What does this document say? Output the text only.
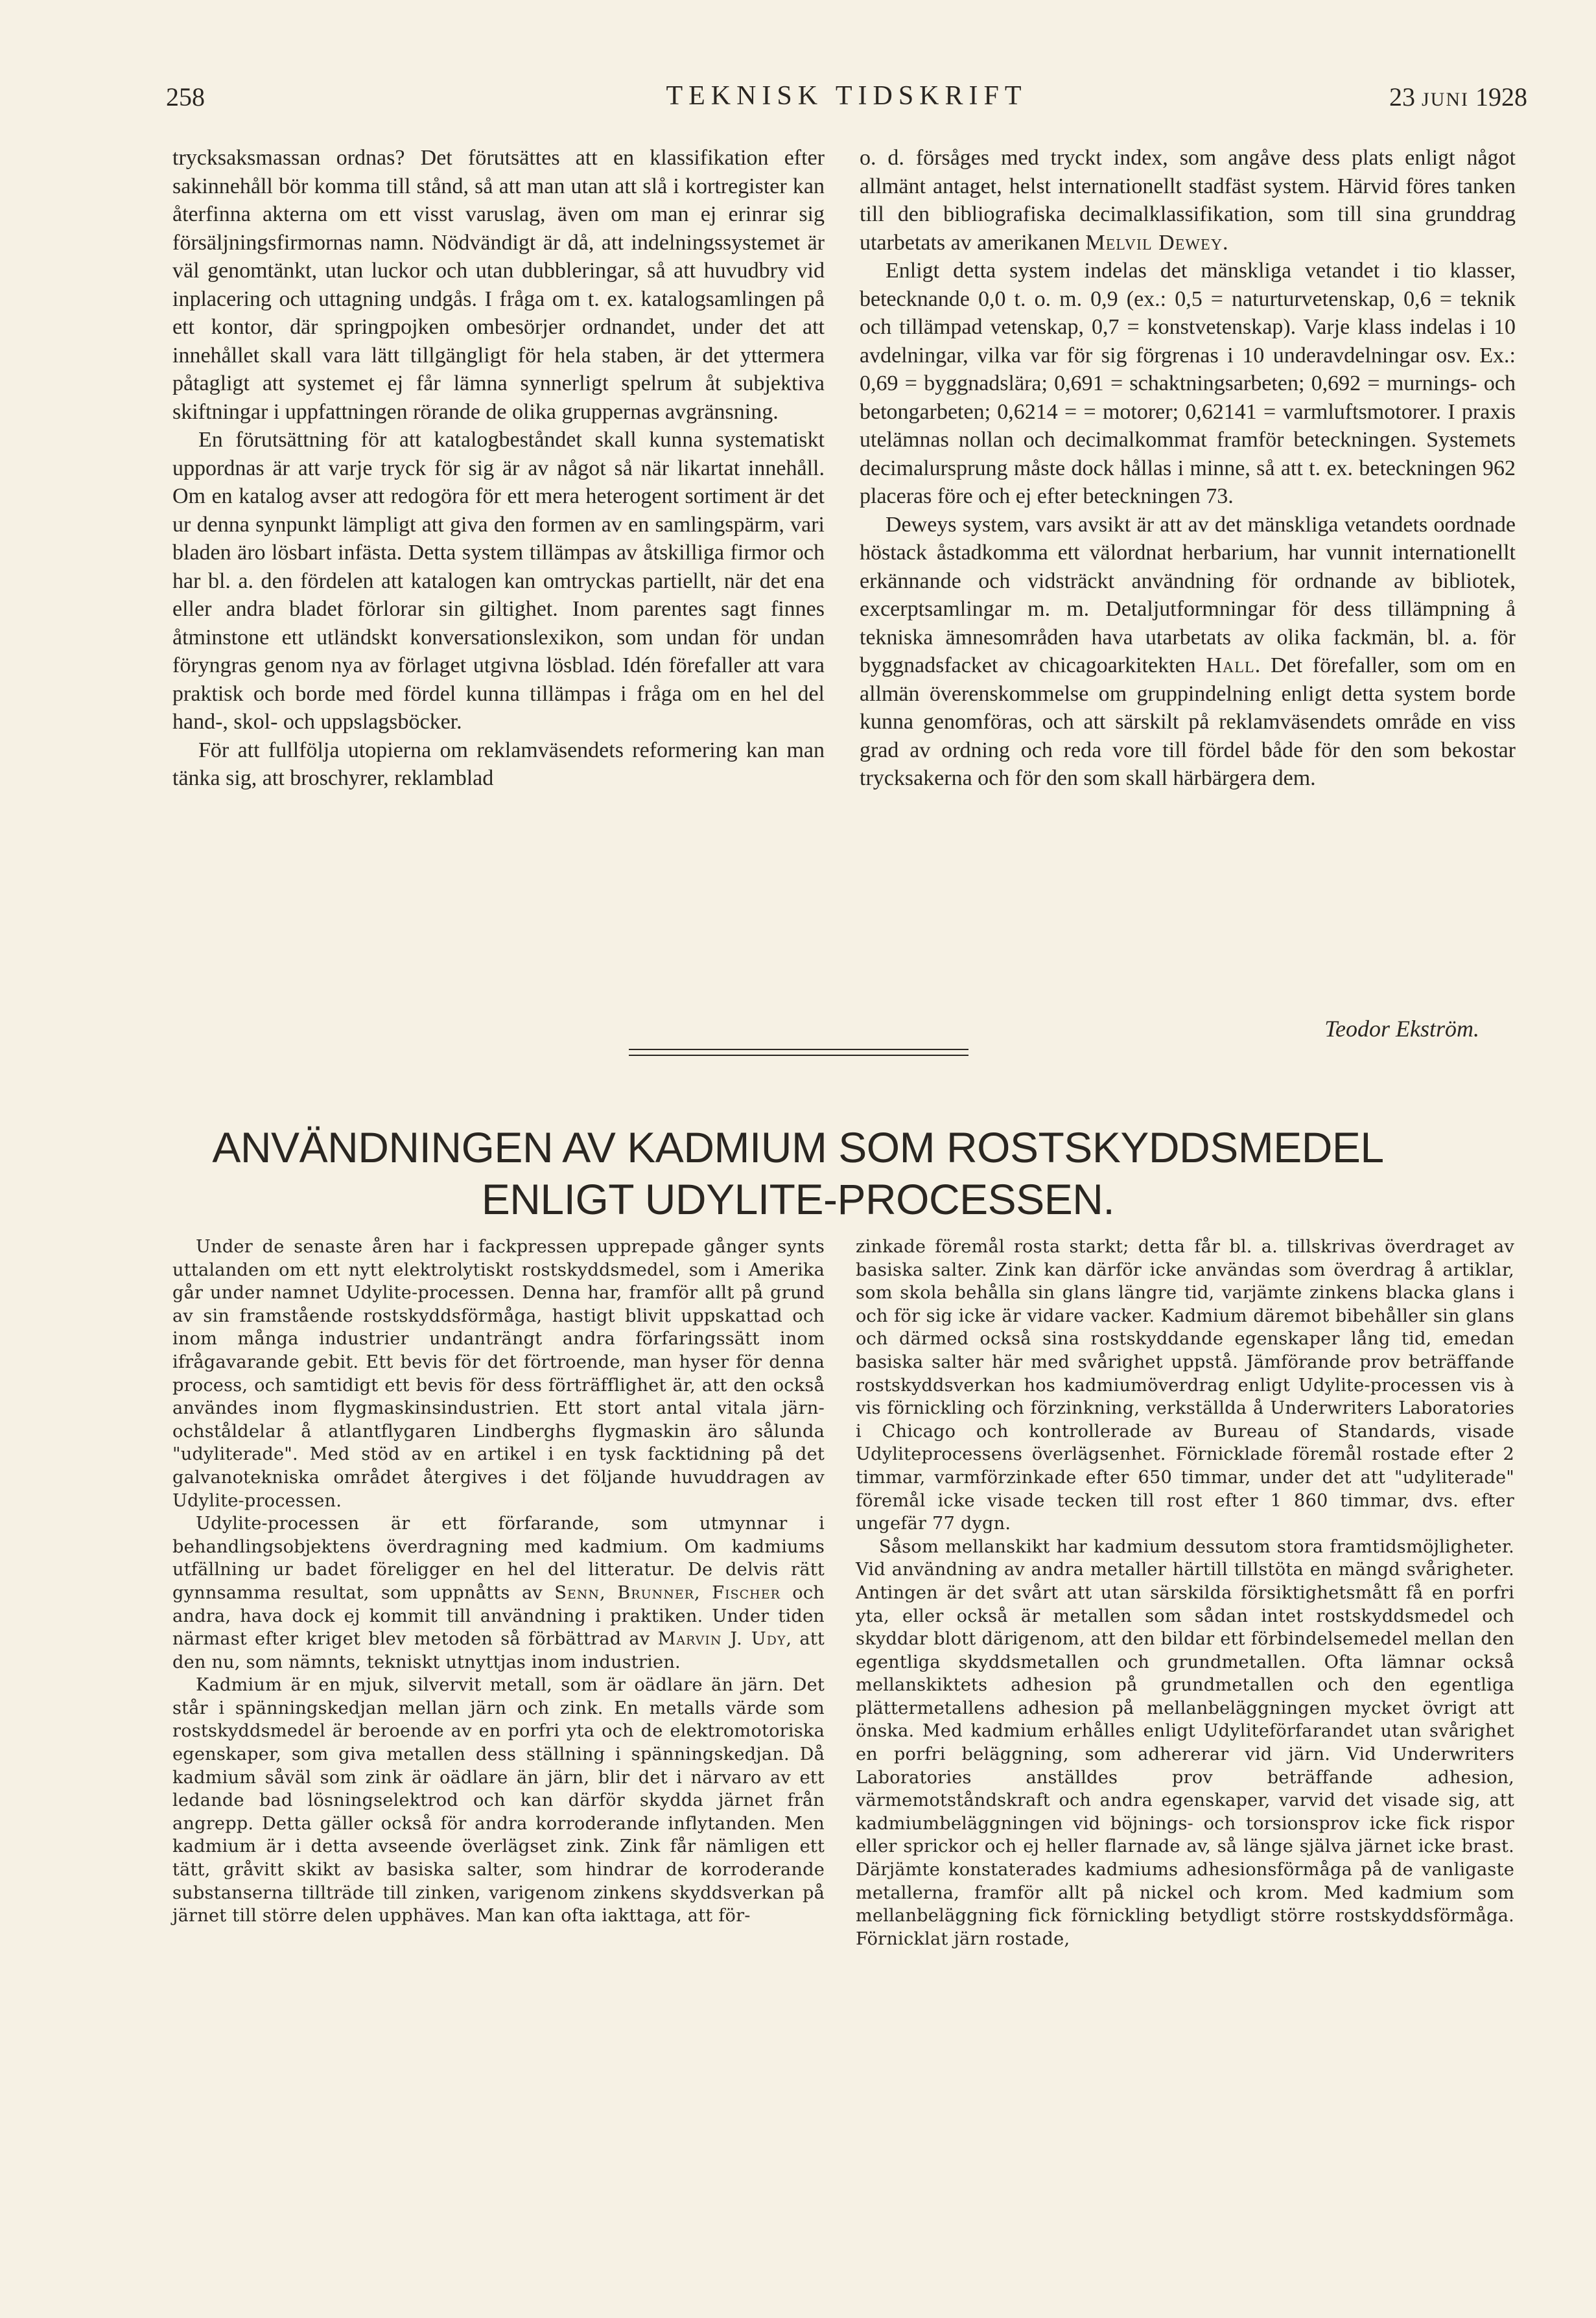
258	TEKNISK TIDSKRIFT	23 JUNI 1928

trycksaksmassan ordnas? Det förutsättes att en klassifikation efter sakinnehåll bör komma till stånd, så att man utan att slå i kortregister kan återfinna akterna om ett visst varuslag, även om man ej erinrar sig försäljningsfirmornas namn. Nödvändigt är då, att indelningssystemet är väl genomtänkt, utan luckor och utan dubbleringar, så att huvudbry vid inplacering och uttagning undgås. I fråga om t. ex. katalogsamlingen på ett kontor, där springpojken ombesörjer ordnandet, under det att innehållet skall vara lätt tillgängligt för hela staben, är det yttermera påtagligt att systemet ej får lämna synnerligt spelrum åt subjektiva skiftningar i uppfattningen rörande de olika gruppernas avgränsning.

En förutsättning för att katalogbeståndet skall kunna systematiskt uppordnas är att varje tryck för sig är av något så när likartat innehåll. Om en katalog avser att redogöra för ett mera heterogent sortiment är det ur denna synpunkt lämpligt att giva den formen av en samlingspärm, vari bladen äro lösbart infästa. Detta system tillämpas av åtskilliga firmor och har bl. a. den fördelen att katalogen kan omtryckas partiellt, när det ena eller andra bladet förlorar sin giltighet. Inom parentes sagt finnes åtminstone ett utländskt konversationslexikon, som undan för undan föryngras genom nya av förlaget utgivna lösblad. Idén förefaller att vara praktisk och borde med fördel kunna tillämpas i fråga om en hel del hand-, skol- och uppslagsböcker.

För att fullfölja utopierna om reklamväsendets reformering kan man tänka sig, att broschyrer, reklamblad

o. d. försåges med tryckt index, som angåve dess plats enligt något allmänt antaget, helst internationellt stadfäst system. Härvid föres tanken till den bibliografiska decimalklassifikation, som till sina grunddrag utarbetats av amerikanen Melvil Dewey.

Enligt detta system indelas det mänskliga vetandet i tio klasser, betecknande 0,0 t. o. m. 0,9 (ex.: 0,5 = naturturvetenskap, 0,6 = teknik och tillämpad vetenskap, 0,7 = konstvetenskap). Varje klass indelas i 10 avdelningar, vilka var för sig förgrenas i 10 underavdelningar osv. Ex.: 0,69 = byggnadslära; 0,691 = schaktningsarbeten; 0,692 = murnings- och betongarbeten; 0,6214 = = motorer; 0,62141 = varmluftsmotorer. I praxis utelämnas nollan och decimalkommat framför beteckningen. Systemets decimalursprung måste dock hållas i minne, så att t. ex. beteckningen 962 placeras före och ej efter beteckningen 73.

Deweys system, vars avsikt är att av det mänskliga vetandets oordnade höstack åstadkomma ett välordnat herbarium, har vunnit internationellt erkännande och vidsträckt användning för ordnande av bibliotek, excerptsamlingar m. m. Detaljutformningar för dess tillämpning å tekniska ämnesområden hava utarbetats av olika fackmän, bl. a. för byggnadsfacket av chicagoarkitekten Hall. Det förefaller, som om en allmän överenskommelse om gruppindelning enligt detta system borde kunna genomföras, och att särskilt på reklamväsendets område en viss grad av ordning och reda vore till fördel både för den som bekostar trycksakerna och för den som skall härbärgera dem.

Teodor Ekström.
ANVÄNDNINGEN AV KADMIUM SOM ROSTSKYDDSMEDEL
ENLIGT UDYLITE-PROCESSEN.

Under de senaste åren har i fackpressen upprepade gånger synts uttalanden om ett nytt elektrolytiskt rostskyddsmedel, som i Amerika går under namnet Udylite-processen. Denna har, framför allt på grund av sin framstående rostskyddsförmåga, hastigt blivit uppskattad och inom många industrier undanträngt andra förfaringssätt inom ifrågavarande gebit. Ett bevis för det förtroende, man hyser för denna process, och samtidigt ett bevis för dess förträfflighet är, att den också användes inom flygmaskinsindustrien. Ett stort antal vitala järn- ochståldelar å atlantflygaren Lindberghs flygmaskin äro sålunda "udyliterade". Med stöd av en artikel i en tysk facktidning på det galvanotekniska området återgives i det följande huvuddragen av Udylite-processen.

Udylite-processen är ett förfarande, som utmynnar i behandlingsobjektens överdragning med kadmium. Om kadmiums utfällning ur badet föreligger en hel del litteratur. De delvis rätt gynnsamma resultat, som uppnåtts av Senn, Brunner, Fischer och andra, hava dock ej kommit till användning i praktiken. Under tiden närmast efter kriget blev metoden så förbättrad av Marvin J. Udy, att den nu, som nämnts, tekniskt utnyttjas inom industrien.

Kadmium är en mjuk, silvervit metall, som är oädlare än järn. Det står i spänningskedjan mellan järn och zink. En metalls värde som rostskyddsmedel är beroende av en porfri yta och de elektromotoriska egenskaper, som giva metallen dess ställning i spänningskedjan. Då kadmium såväl som zink är oädlare än järn, blir det i närvaro av ett ledande bad lösningselektrod och kan därför skydda järnet från angrepp. Detta gäller också för andra korroderande inflytanden. Men kadmium är i detta avseende överlägset zink. Zink får nämligen ett tätt, gråvitt skikt av basiska salter, som hindrar de korroderande substanserna tillträde till zinken, varigenom zinkens skyddsverkan på järnet till större delen upphäves. Man kan ofta iakttaga, att för-

zinkade föremål rosta starkt; detta får bl. a. tillskrivas överdraget av basiska salter. Zink kan därför icke användas som överdrag å artiklar, som skola behålla sin glans längre tid, varjämte zinkens blacka glans i och för sig icke är vidare vacker. Kadmium däremot bibehåller sin glans och därmed också sina rostskyddande egenskaper lång tid, emedan basiska salter här med svårighet uppstå. Jämförande prov beträffande rostskyddsverkan hos kadmiumöverdrag enligt Udylite-processen vis à vis förnickling och förzinkning, verkställda å Underwriters Laboratories i Chicago och kontrollerade av Bureau of Standards, visade Udyliteprocessens överlägsenhet. Förnicklade föremål rostade efter 2 timmar, varmförzinkade efter 650 timmar, under det att "udyliterade" föremål icke visade tecken till rost efter 1 860 timmar, dvs. efter ungefär 77 dygn.

Såsom mellanskikt har kadmium dessutom stora framtidsmöjligheter. Vid användning av andra metaller härtill tillstöta en mängd svårigheter. Antingen är det svårt att utan särskilda försiktighetsmått få en porfri yta, eller också är metallen som sådan intet rostskyddsmedel och skyddar blott därigenom, att den bildar ett förbindelsemedel mellan den egentliga skyddsmetallen och grundmetallen. Ofta lämnar också mellanskiktets adhesion på grundmetallen och den egentliga plättermetallens adhesion på mellanbeläggningen mycket övrigt att önska. Med kadmium erhålles enligt Udyliteförfarandet utan svårighet en porfri beläggning, som adhererar vid järn. Vid Underwriters Laboratories anställdes prov beträffande adhesion, värmemotståndskraft och andra egenskaper, varvid det visade sig, att kadmiumbeläggningen vid böjnings- och torsionsprov icke fick rispor eller sprickor och ej heller flarnade av, så länge själva järnet icke brast. Därjämte konstaterades kadmiums adhesionsförmåga på de vanligaste metallerna, framför allt på nickel och krom. Med kadmium som mellanbeläggning fick förnickling betydligt större rostskyddsförmåga. Förnicklat järn rostade,
